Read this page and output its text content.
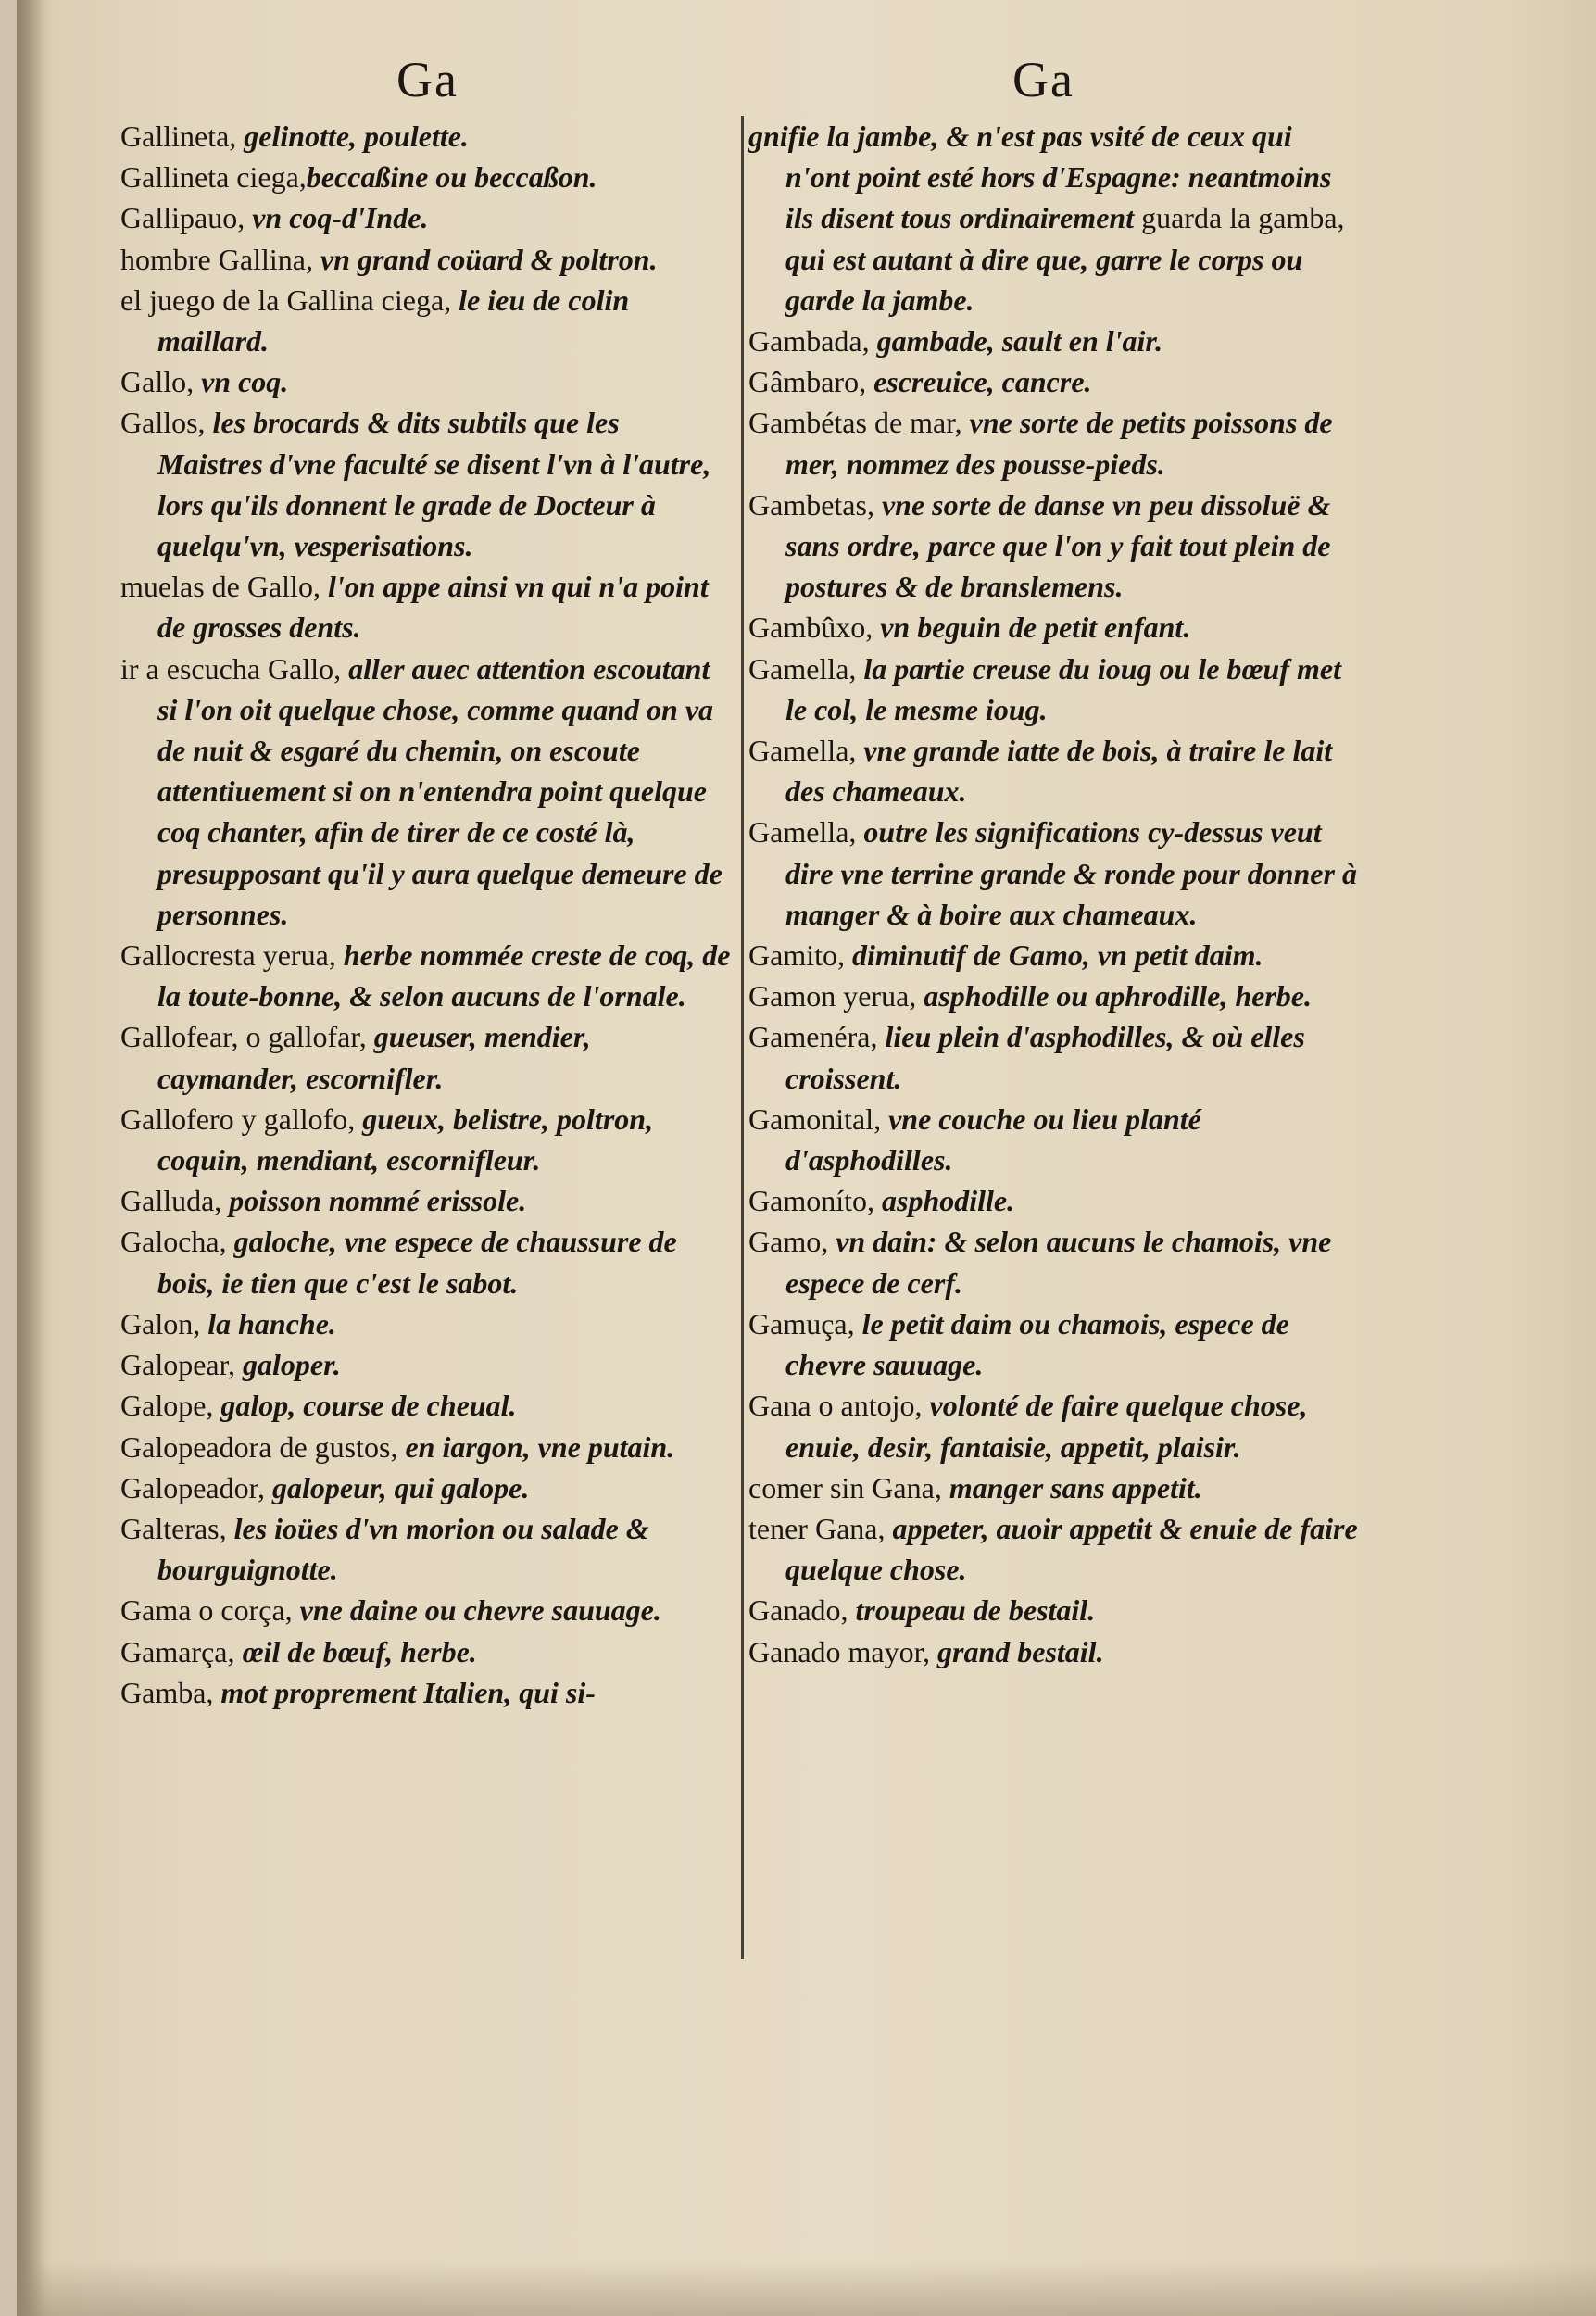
Ga	Ga

Gallineta, gelinotte, poulette.

Gallineta ciega,beccaßine ou beccaßon.

Gallipauo, vn coq-d'Inde.

hombre Gallina, vn grand coüard & poltron.

el juego de la Gallina ciega, le ieu de colin maillard.

Gallo, vn coq.

Gallos, les brocards & dits subtils que les Maistres d'vne faculté se disent l'vn à l'autre, lors qu'ils donnent le grade de Docteur à quelqu'vn, vesperisations.

muelas de Gallo, l'on appe ainsi vn qui n'a point de grosses dents.

ir a escucha Gallo, aller auec attention escoutant si l'on oit quelque chose, comme quand on va de nuit & esgaré du chemin, on escoute attentiuement si on n'entendra point quelque coq chanter, afin de tirer de ce costé là, presupposant qu'il y aura quelque demeure de personnes.

Gallocresta yerua, herbe nommée creste de coq, de la toute-bonne, & selon aucuns de l'ornale.

Gallofear, o gallofar, gueuser, mendier, caymander, escornifler.

Gallofero y gallofo, gueux, belistre, poltron, coquin, mendiant, escornifleur.

Galluda, poisson nommé erissole.

Galocha, galoche, vne espece de chaussure de bois, ie tien que c'est le sabot.

Galon, la hanche.

Galopear, galoper.

Galope, galop, course de cheual.

Galopeadora de gustos, en iargon, vne putain.

Galopeador, galopeur, qui galope.

Galteras, les ioües d'vn morion ou salade & bourguignotte.

Gama o corça, vne daine ou chevre sauuage.

Gamarça, œil de bœuf, herbe.

Gamba, mot proprement Italien, qui si-

gnifie la jambe, & n'est pas vsité de ceux qui n'ont point esté hors d'Espagne: neantmoins ils disent tous ordinairement guarda la gamba, qui est autant à dire que, garre le corps ou garde la jambe.

Gambada, gambade, sault en l'air.

Gâmbaro, escreuice, cancre.

Gambétas de mar, vne sorte de petits poissons de mer, nommez des pousse-pieds.

Gambetas, vne sorte de danse vn peu dissoluë & sans ordre, parce que l'on y fait tout plein de postures & de branslemens.

Gambûxo, vn beguin de petit enfant.

Gamella, la partie creuse du ioug ou le bœuf met le col, le mesme ioug.

Gamella, vne grande iatte de bois, à traire le lait des chameaux.

Gamella, outre les significations cy-dessus veut dire vne terrine grande & ronde pour donner à manger & à boire aux chameaux.

Gamito, diminutif de Gamo, vn petit daim.

Gamon yerua, asphodille ou aphrodille, herbe.

Gamenéra, lieu plein d'asphodilles, & où elles croissent.

Gamonital, vne couche ou lieu planté d'asphodilles.

Gamoníto, asphodille.

Gamo, vn dain: & selon aucuns le chamois, vne espece de cerf.

Gamuça, le petit daim ou chamois, espece de chevre sauuage.

Gana o antojo, volonté de faire quelque chose, enuie, desir, fantaisie, appetit, plaisir.

comer sin Gana, manger sans appetit.

tener Gana, appeter, auoir appetit & enuie de faire quelque chose.

Ganado, troupeau de bestail.

Ganado mayor, grand bestail.
